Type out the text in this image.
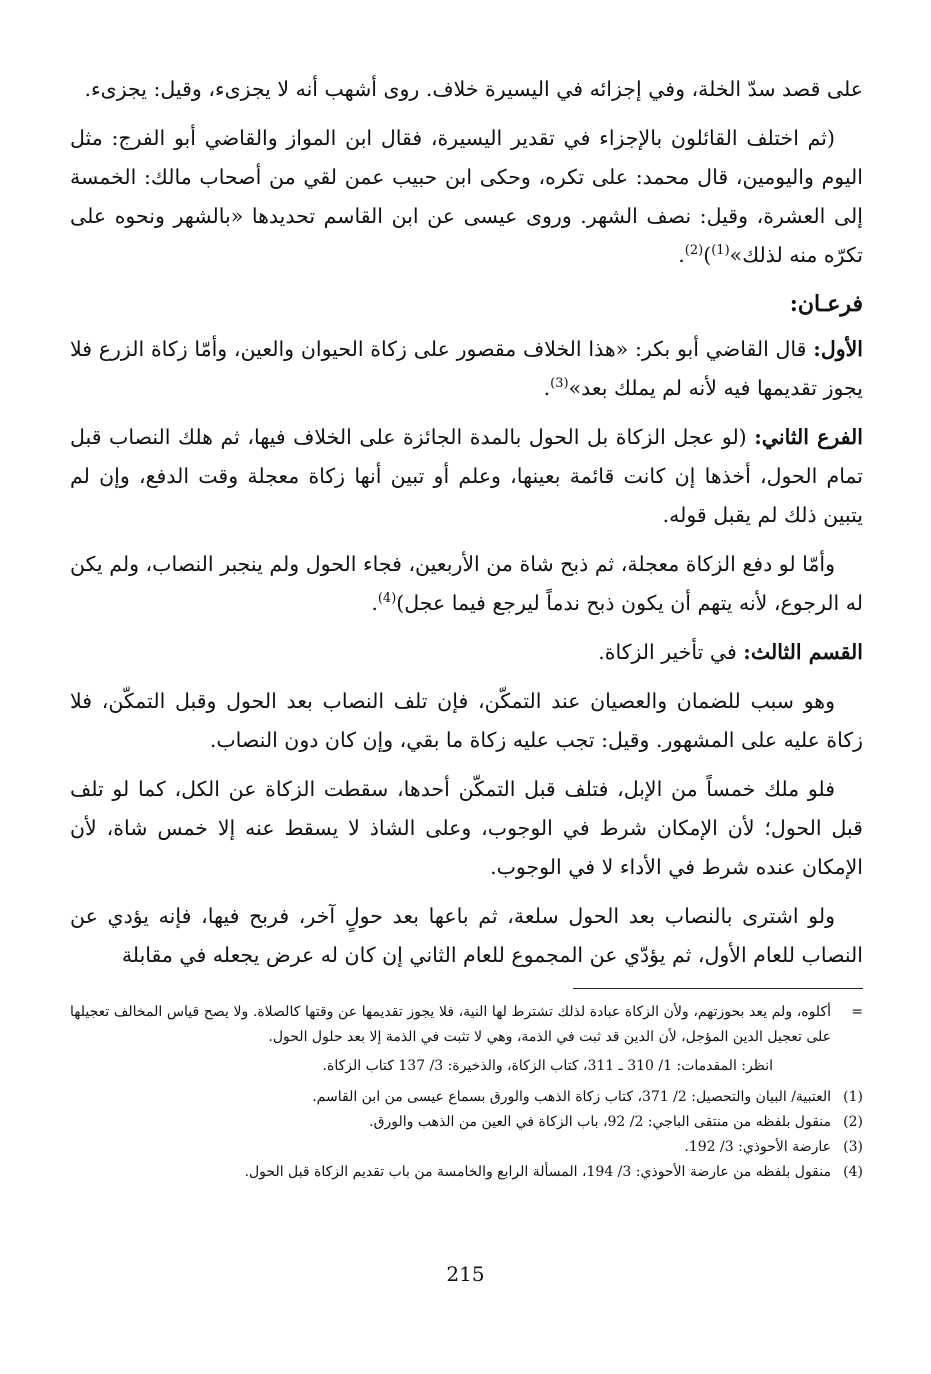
على قصد سدّ الخلة، وفي إجزائه في اليسيرة خلاف. روى أشهب أنه لا يجزىء، وقيل: يجزىء.

(ثم اختلف القائلون بالإجزاء في تقدير اليسيرة، فقال ابن المواز والقاضي أبو الفرج: مثل اليوم واليومين، قال محمد: على تكره، وحكى ابن حبيب عمن لقي من أصحاب مالك: الخمسة إلى العشرة، وقيل: نصف الشهر. وروى عيسى عن ابن القاسم تحديدها «بالشهر ونحوه على تكرّه منه لذلك»$^{(1)}$)$^{(2)}$.

فرعـان:

الأول: قال القاضي أبو بكر: «هذا الخلاف مقصور على زكاة الحيوان والعين، وأمّا زكاة الزرع فلا يجوز تقديمها فيه لأنه لم يملك بعد»$^{(3)}$.

الفرع الثاني: (لو عجل الزكاة بل الحول بالمدة الجائزة على الخلاف فيها، ثم هلك النصاب قبل تمام الحول، أخذها إن كانت قائمة بعينها، وعلم أو تبين أنها زكاة معجلة وقت الدفع، وإن لم يتبين ذلك لم يقبل قوله.

وأمّا لو دفع الزكاة معجلة، ثم ذبح شاة من الأربعين، فجاء الحول ولم ينجبر النصاب، ولم يكن له الرجوع، لأنه يتهم أن يكون ذبح ندماً ليرجع فيما عجل)$^{(4)}$.

القسم الثالث: في تأخير الزكاة.

وهو سبب للضمان والعصيان عند التمكّن، فإن تلف النصاب بعد الحول وقبل التمكّن، فلا زكاة عليه على المشهور. وقيل: تجب عليه زكاة ما بقي، وإن كان دون النصاب.

فلو ملك خمساً من الإبل، فتلف قبل التمكّن أحدها، سقطت الزكاة عن الكل، كما لو تلف قبل الحول؛ لأن الإمكان شرط في الوجوب، وعلى الشاذ لا يسقط عنه إلا خمس شاة، لأن الإمكان عنده شرط في الأداء لا في الوجوب.

ولو اشترى بالنصاب بعد الحول سلعة، ثم باعها بعد حولٍ آخر، فربح فيها، فإنه يؤدي عن النصاب للعام الأول، ثم يؤدّي عن المجموع للعام الثاني إن كان له عرض يجعله في مقابلة

=
أكلوه، ولم يعد بحوزتهم، ولأن الزكاة عبادة لذلك تشترط لها النية، فلا يجوز تقديمها عن وقتها كالصلاة. ولا يصح قياس المخالف تعجيلها على تعجيل الدين المؤجل، لأن الدين قد ثبت في الذمة، وهي لا تثبت في الذمة إلا بعد حلول الحول.
انظر: المقدمات: 1/ 310 ـ 311، كتاب الزكاة، والذخيرة: 3/ 137 كتاب الزكاة.
(1)
العتبية/ البيان والتحصيل: 2/ 371، كتاب زكاة الذهب والورق بسماع عيسى من ابن القاسم.
(2)
منقول بلفظه من منتقى الباجي: 2/ 92، باب الزكاة في العين من الذهب والورق.
(3)
عارضة الأحوذي: 3/ 192.
(4)
منقول بلفظه من عارضة الأحوذي: 3/ 194، المسألة الرابع والخامسة من باب تقديم الزكاة قبل الحول.
215
